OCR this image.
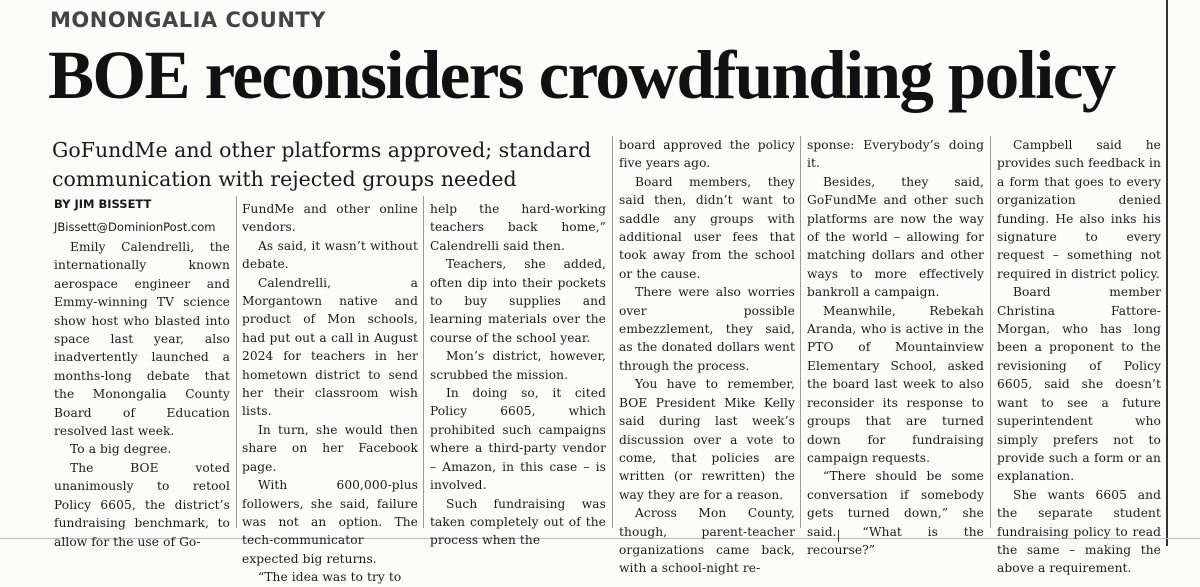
MONONGALIA COUNTY
BOE reconsiders crowdfunding policy
GoFundMe and other platforms approved; standard communication with rejected groups needed
BY JIM BISSETT
JBissett@DominionPost.com

Emily Calendrelli, the internationally known aerospace engineer and Emmy-winning TV science show host who blasted into space last year, also inadvertently launched a months-long debate that the Monongalia County Board of Education resolved last week.

To a big degree.

The BOE voted unanimously to retool Policy 6605, the district’s fundraising benchmark, to allow for the use of Go-

FundMe and other online vendors.

As said, it wasn’t without debate.

Calendrelli, a Morgantown native and product of Mon schools, had put out a call in August 2024 for teachers in her hometown district to send her their classroom wish lists.

In turn, she would then share on her Facebook page.

With 600,000-plus followers, she said, failure was not an option. The tech-communicator expected big returns.

“The idea was to try to

help the hard-working teachers back home,” Calendrelli said then.

Teachers, she added, often dip into their pockets to buy supplies and learning materials over the course of the school year.

Mon’s district, however, scrubbed the mission.

In doing so, it cited Policy 6605, which prohibited such campaigns where a third-party vendor – Amazon, in this case – is involved.

Such fundraising was taken completely out of the process when the

board approved the policy five years ago.

Board members, they said then, didn’t want to saddle any groups with additional user fees that took away from the school or the cause.

There were also worries over possible embezzlement, they said, as the donated dollars went through the process.

You have to remember, BOE President Mike Kelly said during last week’s discussion over a vote to come, that policies are written (or rewritten) the way they are for a reason.

Across Mon County, though, parent-teacher organizations came back, with a school-night re-

sponse: Everybody’s doing it.

Besides, they said, GoFundMe and other such platforms are now the way of the world – allowing for matching dollars and other ways to more effectively bankroll a campaign.

Meanwhile, Rebekah Aranda, who is active in the PTO of Mountainview Elementary School, asked the board last week to also reconsider its response to groups that are turned down for fundraising campaign requests.

“There should be some conversation if somebody gets turned down,” she said. “What is the recourse?”

Campbell said he provides such feedback in a form that goes to every organization denied funding. He also inks his signature to every request – something not required in district policy.

Board member Christina Fattore-Morgan, who has long been a proponent to the revisioning of Policy 6605, said she doesn’t want to see a future superintendent who simply prefers not to provide such a form or an explanation.

She wants 6605 and the separate student fundraising policy to read the same – making the above a requirement.
